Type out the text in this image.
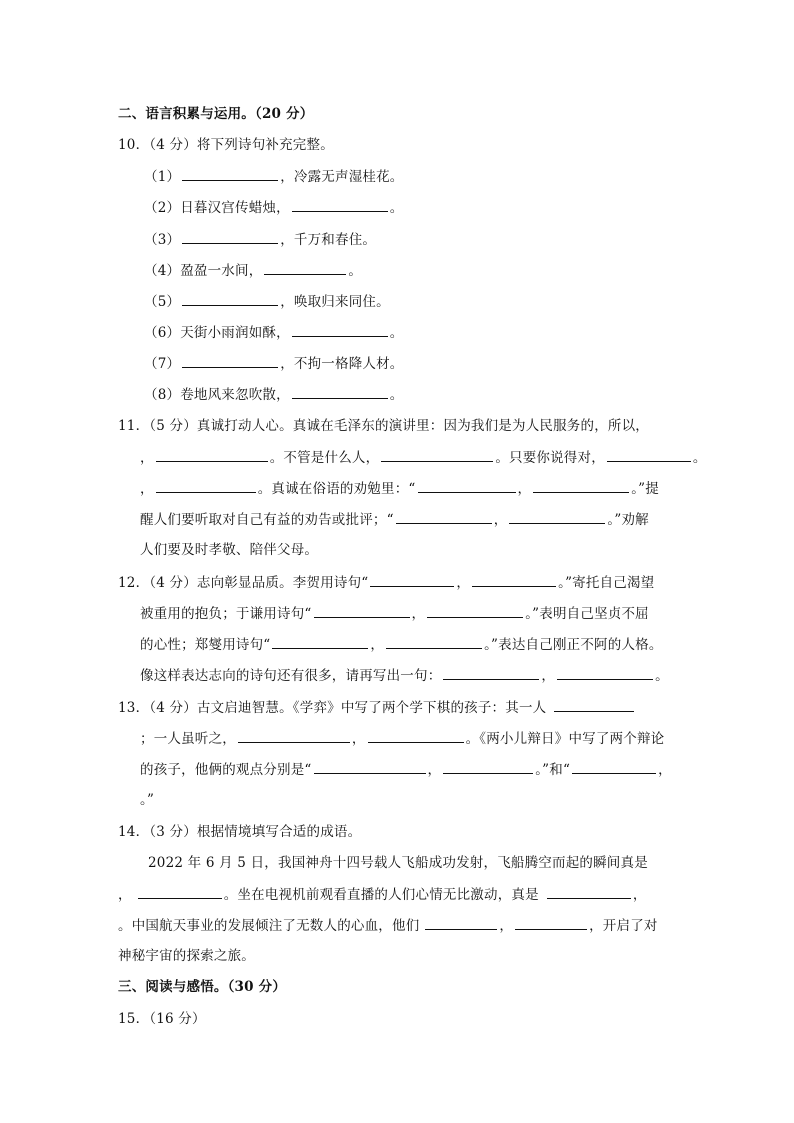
二、语言积累与运用。（20 分）
10．（4 分）将下列诗句补充完整。
（1）	，冷露无声湿桂花。
（2）日暮汉宫传蜡烛，	。
（3）	，千万和春住。
（4）盈盈一水间，	。
（5）	，唤取归来同住。
（6）天街小雨润如酥，	。
（7）	，不拘一格降人材。
（8）卷地风来忽吹散，	。
11．（5 分）真诚打动人心。真诚在毛泽东的演讲里：因为我们是为人民服务的，所以，
，	。不管是什么人，	。只要你说得对，	。
，	。真诚在俗语的劝勉里：“	，	。”提
醒人们要听取对自己有益的劝告或批评；“	，	。”劝解
人们要及时孝敬、陪伴父母。
12．（4 分）志向彰显品质。李贺用诗句“	，	。”寄托自己渴望
被重用的抱负；于谦用诗句“	，	。”表明自己坚贞不屈
的心性；郑燮用诗句“	，	。”表达自己刚正不阿的人格。
像这样表达志向的诗句还有很多，请再写出一句：	，	。
13．（4 分）古文启迪智慧。《学弈》中写了两个学下棋的孩子：其一人
；一人虽听之，	，	。《两小儿辩日》中写了两个辩论
的孩子，他俩的观点分别是“	，	。”和“	，
。”
14．（3 分）根据情境填写合适的成语。
2022 年 6 月 5 日，我国神舟十四号载人飞船成功发射，飞船腾空而起的瞬间真是
，	。坐在电视机前观看直播的人们心情无比激动，真是	，
。中国航天事业的发展倾注了无数人的心血，他们	，	，开启了对
神秘宇宙的探索之旅。
三、阅读与感悟。（30 分）
15．（16 分）
